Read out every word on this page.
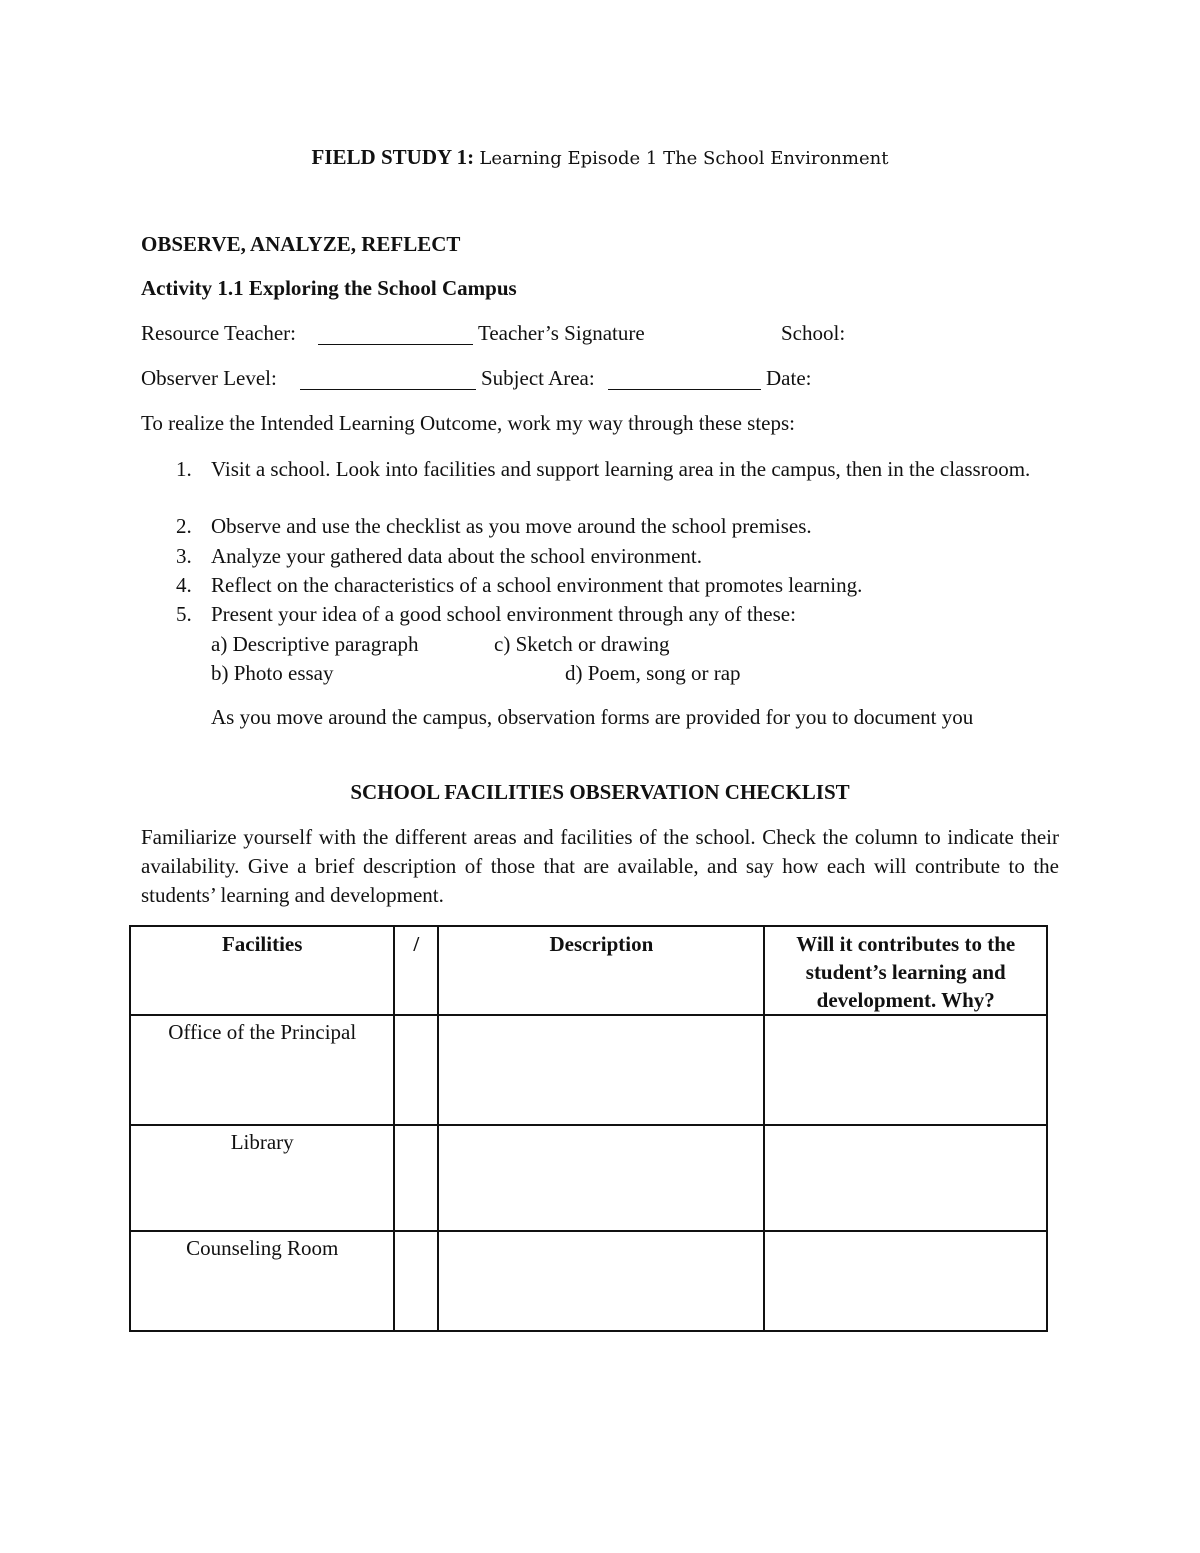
FIELD STUDY 1: Learning Episode 1 The School Environment
OBSERVE, ANALYZE, REFLECT
Activity 1.1 Exploring the School Campus
Resource Teacher:	Teacher’s Signature	School:
Observer Level:	Subject Area:	Date:
To realize the Intended Learning Outcome, work my way through these steps:
1. Visit a school. Look into facilities and support learning area in the campus, then in the classroom.
2. Observe and use the checklist as you move around the school premises.
3. Analyze your gathered data about the school environment.
4. Reflect on the characteristics of a school environment that promotes learning.
5. Present your idea of a good school environment through any of these:
a) Descriptive paragraph	c) Sketch or drawing
b) Photo essay	d) Poem, song or rap
As you move around the campus, observation forms are provided for you to document you
SCHOOL FACILITIES OBSERVATION CHECKLIST
Familiarize yourself with the different areas and facilities of the school. Check the column to indicate their availability. Give a brief description of those that are available, and say how each will contribute to the students’ learning and development.
Facilities	/	Description	Will it contributes to the student’s learning and development. Why?
Office of the Principal			
Library			
Counseling Room			
